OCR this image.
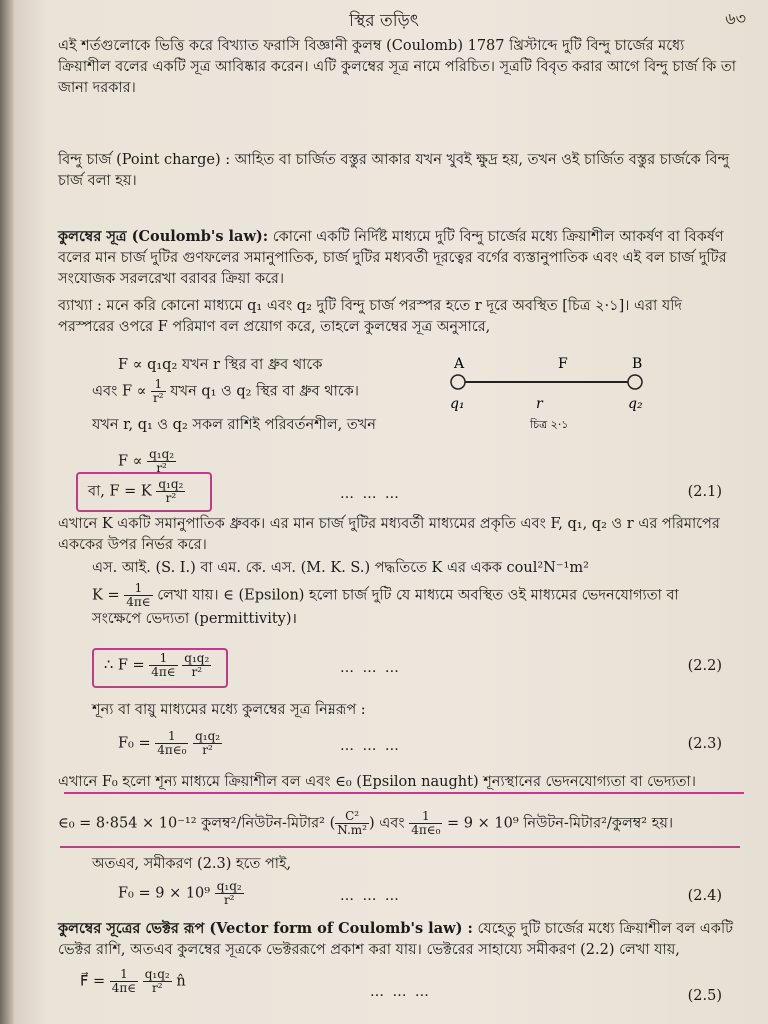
স্থির তড়িৎ	৬৩
এই শর্তগুলোকে ভিত্তি করে বিখ্যাত ফরাসি বিজ্ঞানী কুলম্ব (Coulomb) 1787 খ্রিস্টাব্দে দুটি বিন্দু চার্জের মধ্যে ক্রিয়াশীল বলের একটি সূত্র আবিষ্কার করেন। এটি কুলম্বের সূত্র নামে পরিচিত। সূত্রটি বিবৃত করার আগে বিন্দু চার্জ কি তা জানা দরকার।
বিন্দু চার্জ (Point charge) : আহিত বা চার্জিত বস্তুর আকার যখন খুবই ক্ষুদ্র হয়, তখন ওই চার্জিত বস্তুর চার্জকে বিন্দু চার্জ বলা হয়।
কুলম্বের সূত্র (Coulomb's law): কোনো একটি নির্দিষ্ট মাধ্যমে দুটি বিন্দু চার্জের মধ্যে ক্রিয়াশীল আকর্ষণ বা বিকর্ষণ বলের মান চার্জ দুটির গুণফলের সমানুপাতিক, চার্জ দুটির মধ্যবর্তী দূরত্বের বর্গের ব্যস্তানুপাতিক এবং এই বল চার্জ দুটির সংযোজক সরলরেখা বরাবর ক্রিয়া করে।
ব্যাখ্যা : মনে করি কোনো মাধ্যমে q₁ এবং q₂ দুটি বিন্দু চার্জ পরস্পর হতে r দূরে অবস্থিত [চিত্র ২·১]। এরা যদি পরস্পরের ওপরে F পরিমাণ বল প্রয়োগ করে, তাহলে কুলম্বের সূত্র অনুসারে,
A	F	B
q₁	r	q₂
চিত্র ২·১
F ∝ q₁q₂ যখন r স্থির বা ধ্রুব থাকে
এবং $F \propto \frac{1}{\text{r²}}$ যখন q₁ ও q₂ স্থির বা ধ্রুব থাকে।
যখন r, q₁ ও q₂ সকল রাশিই পরিবর্তনশীল, তখন
$F \propto \frac{\text{q₁q₂}}{\text{r²}}$
বা, F = K $\frac{\text{q₁q₂}}{\text{r²}}$	… … …	(2.1)
এখানে K একটি সমানুপাতিক ধ্রুবক। এর মান চার্জ দুটির মধ্যবর্তী মাধ্যমের প্রকৃতি এবং F, q₁, q₂ ও r এর পরিমাপের এককের উপর নির্ভর করে।
এস. আই. (S. I.) বা এম. কে. এস. (M. K. S.) পদ্ধতিতে K এর একক coul²N⁻¹m²
$K = \frac{1}{4\pi\in}$ লেখা যায়। ∈ (Epsilon) হলো চার্জ দুটি যে মাধ্যমে অবস্থিত ওই মাধ্যমের ভেদনযোগ্যতা বা সংক্ষেপে ভেদ্যতা (permittivity)।
∴ $F = \frac{1}{4\pi\in}$
$\frac{\text{q₁q₂}}{\text{r²}}$	… … …	(2.2)
শূন্য বা বায়ু মাধ্যমের মধ্যে কুলম্বের সূত্র নিম্নরূপ :
$F_0 = \frac{1}{\text{4π∈₀}}$
$\frac{\text{q₁q₂}}{\text{r²}}$	… … …	(2.3)
এখানে F₀ হলো শূন্য মাধ্যমে ক্রিয়াশীল বল এবং ∈₀ (Epsilon naught) শূন্যস্থানের ভেদনযোগ্যতা বা ভেদ্যতা।
∈₀ = 8·854 × 10⁻¹² কুলম্ব²/নিউটন-মিটার² ( $\frac{\text{C²}}{\text{N.m²}}$ ) এবং $\frac{1}{\text{4π∈₀}} = 9 \times 10^9$ নিউটন-মিটার²/কুলম্ব² হয়।
অতএব, সমীকরণ (2.3) হতে পাই,
$F_0 = 9 \times 10^9 \frac{\text{q₁q₂}}{\text{r²}}$	… … …	(2.4)
কুলম্বের সূত্রের ভেক্টর রূপ (Vector form of Coulomb's law) : যেহেতু দুটি চার্জের মধ্যে ক্রিয়াশীল বল একটি ভেক্টর রাশি, অতএব কুলম্বের সূত্রকে ভেক্টররূপে প্রকাশ করা যায়। ভেক্টরের সাহায্যে সমীকরণ (2.2) লেখা যায়,
F⃗ = $\frac{1}{4\pi\in}$
$\frac{\text{q₁q₂}}{\text{r²}}$ n̂
… … …	(2.5)
